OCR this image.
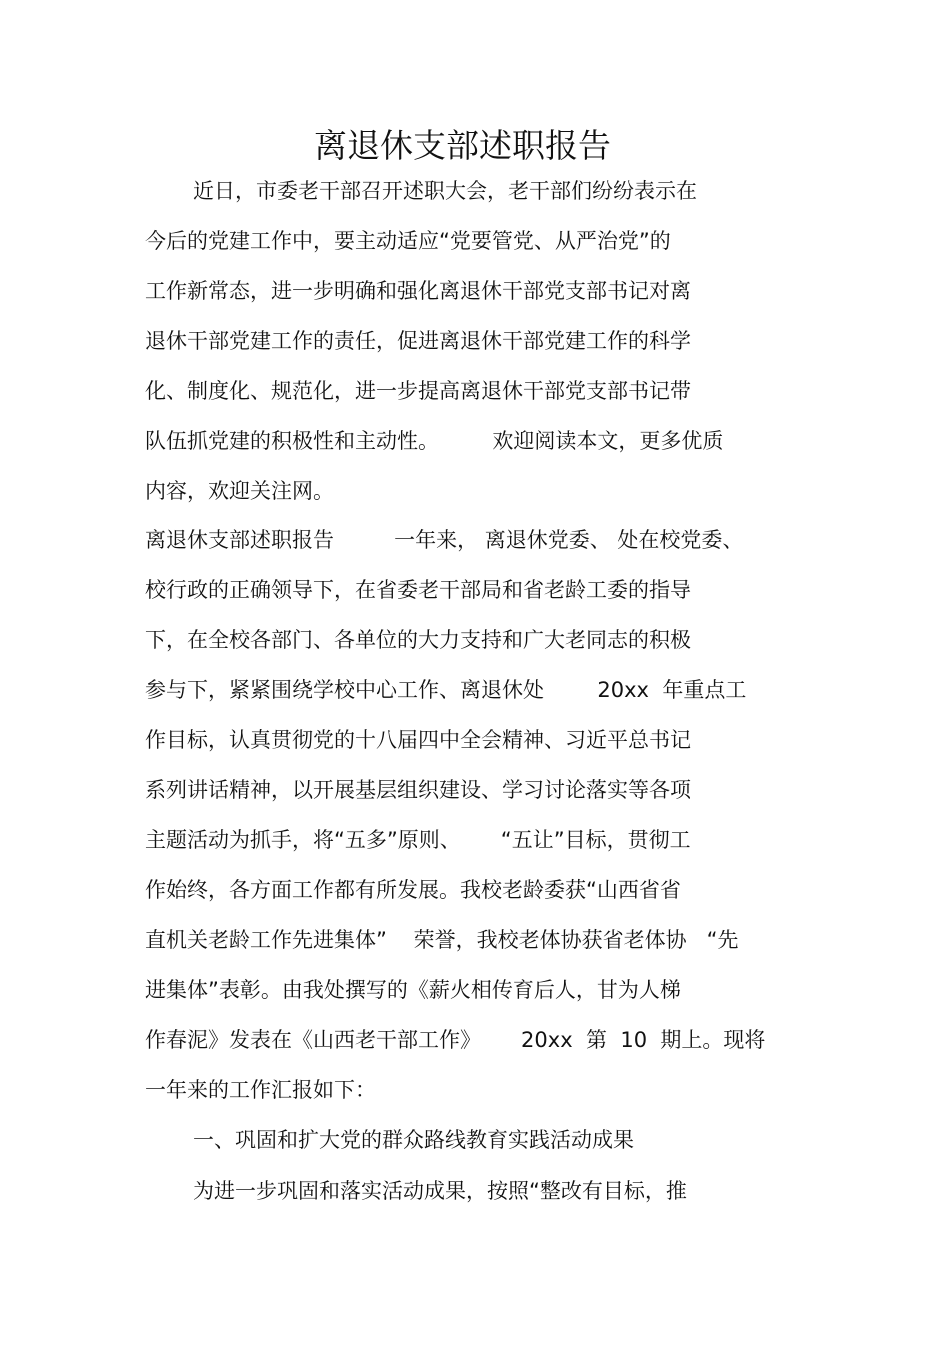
离退休支部述职报告
近日，市委老干部召开述职大会，老干部们纷纷表示在
今后的党建工作中，要主动适应“党要管党、从严治党”的
工作新常态，进一步明确和强化离退休干部党支部书记对离
退休干部党建工作的责任，促进离退休干部党建工作的科学
化、制度化、规范化，进一步提高离退休干部党支部书记带
队伍抓党建的积极性和主动性。        欢迎阅读本文，更多优质
内容，欢迎关注网。
离退休支部述职报告         一年来， 离退休党委、 处在校党委、
校行政的正确领导下，在省委老干部局和省老龄工委的指导
下，在全校各部门、各单位的大力支持和广大老同志的积极
参与下，紧紧围绕学校中心工作、离退休处        20xx  年重点工
作目标，认真贯彻党的十八届四中全会精神、习近平总书记
系列讲话精神，以开展基层组织建设、学习讨论落实等各项
主题活动为抓手，将“五多”原则、      “五让”目标，贯彻工
作始终，各方面工作都有所发展。我校老龄委获“山西省省
直机关老龄工作先进集体”    荣誉，我校老体协获省老体协   “先
进集体”表彰。由我处撰写的《薪火相传育后人，甘为人梯
作春泥》发表在《山西老干部工作》      20xx  第  10  期上。现将
一年来的工作汇报如下：
一、巩固和扩大党的群众路线教育实践活动成果
为进一步巩固和落实活动成果，按照“整改有目标，推
